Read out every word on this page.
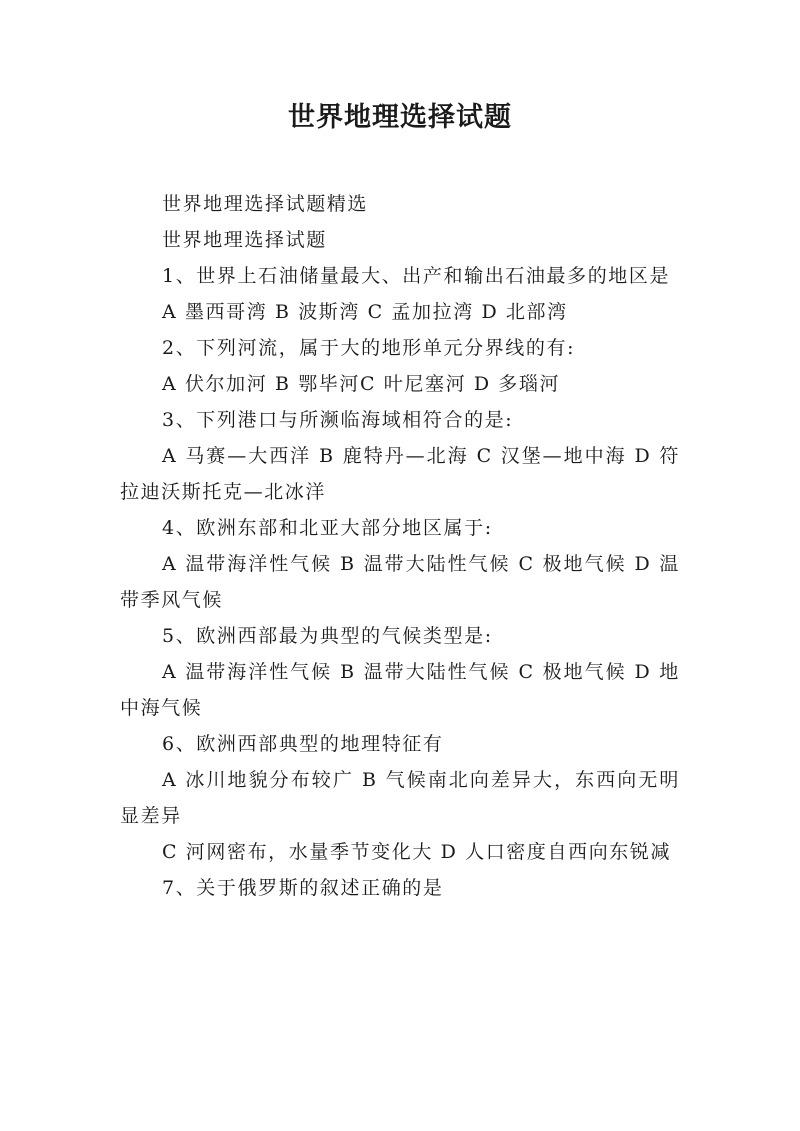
世界地理选择试题

世界地理选择试题精选

世界地理选择试题

1、世界上石油储量最大、出产和输出石油最多的地区是

A 墨西哥湾 B 波斯湾 C 孟加拉湾 D 北部湾

2、下列河流，属于大的地形单元分界线的有:

A 伏尔加河 B 鄂毕河C 叶尼塞河 D 多瑙河

3、下列港口与所濒临海域相符合的是:

A 马赛—大西洋 B 鹿特丹—北海 C 汉堡—地中海 D 符拉迪沃斯托克—北冰洋

4、欧洲东部和北亚大部分地区属于:

A 温带海洋性气候 B 温带大陆性气候 C 极地气候 D 温带季风气候

5、欧洲西部最为典型的气候类型是:

A 温带海洋性气候 B 温带大陆性气候 C 极地气候 D 地中海气候

6、欧洲西部典型的地理特征有

A 冰川地貌分布较广 B 气候南北向差异大，东西向无明显差异

C 河网密布，水量季节变化大 D 人口密度自西向东锐减

7、关于俄罗斯的叙述正确的是
